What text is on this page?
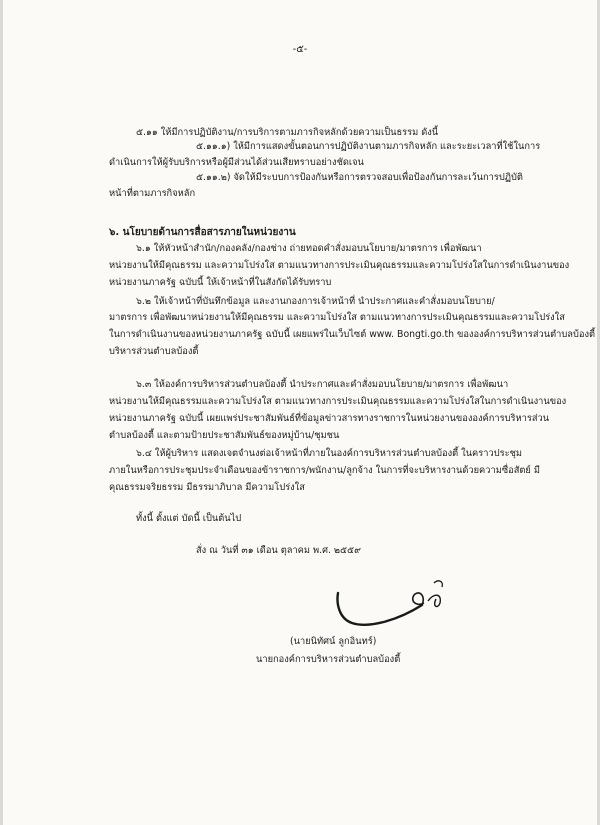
-๕-
๕.๑๑ ให้มีการปฏิบัติงาน/การบริการตามภารกิจหลักด้วยความเป็นธรรม ดังนี้
๕.๑๑.๑) ให้มีการแสดงขั้นตอนการปฏิบัติงานตามภารกิจหลัก และระยะเวลาที่ใช้ในการ
ดำเนินการให้ผู้รับบริการหรือผู้มีส่วนได้ส่วนเสียทราบอย่างชัดเจน
๕.๑๑.๒) จัดให้มีระบบการป้องกันหรือการตรวจสอบเพื่อป้องกันการละเว้นการปฏิบัติ
หน้าที่ตามภารกิจหลัก
๖. นโยบายด้านการสื่อสารภายในหน่วยงาน
๖.๑ ให้หัวหน้าสำนัก/กองคลัง/กองช่าง ถ่ายทอดคำสั่งมอบนโยบาย/มาตรการ เพื่อพัฒนา
หน่วยงานให้มีคุณธรรม และความโปร่งใส ตามแนวทางการประเมินคุณธรรมและความโปร่งใสในการดำเนินงานของ
หน่วยงานภาครัฐ ฉบับนี้ ให้เจ้าหน้าที่ในสังกัดได้รับทราบ
๖.๒ ให้เจ้าหน้าที่บันทึกข้อมูล และงานกองการเจ้าหน้าที่ นำประกาศและคำสั่งมอบนโยบาย/
มาตรการ เพื่อพัฒนาหน่วยงานให้มีคุณธรรม และความโปร่งใส ตามแนวทางการประเมินคุณธรรมและความโปร่งใส
ในการดำเนินงานของหน่วยงานภาครัฐ ฉบับนี้ เผยแพร่ในเว็บไซต์ www. Bongti.go.th ขององค์การบริหารส่วนตำบลบ้องตี้
บริหารส่วนตำบลบ้องตี้
๖.๓ ให้องค์การบริหารส่วนตำบลบ้องตี้ นำประกาศและคำสั่งมอบนโยบาย/มาตรการ เพื่อพัฒนา
หน่วยงานให้มีคุณธรรมและความโปร่งใส ตามแนวทางการประเมินคุณธรรมและความโปร่งใสในการดำเนินงานของ
หน่วยงานภาครัฐ ฉบับนี้ เผยแพร่ประชาสัมพันธ์ที่ข้อมูลข่าวสารทางราชการในหน่วยงานขององค์การบริหารส่วน
ตำบลบ้องตี้ และตามป้ายประชาสัมพันธ์ของหมู่บ้าน/ชุมชน
๖.๔ ให้ผู้บริหาร แสดงเจตจำนงต่อเจ้าหน้าที่ภายในองค์การบริหารส่วนตำบลบ้องตี้ ในคราวประชุม
ภายในหรือการประชุมประจำเดือนของข้าราชการ/พนักงาน/ลูกจ้าง ในการที่จะบริหารงานด้วยความซื่อสัตย์ มี
คุณธรรมจริยธรรม มีธรรมาภิบาล มีความโปร่งใส
ทั้งนี้ ตั้งแต่ บัดนี้ เป็นต้นไป
สั่ง ณ วันที่ ๓๑ เดือน ตุลาคม พ.ศ. ๒๕๕๙
(นายนิทัศน์ ลูกอินทร์)
นายกองค์การบริหารส่วนตำบลบ้องตี้
